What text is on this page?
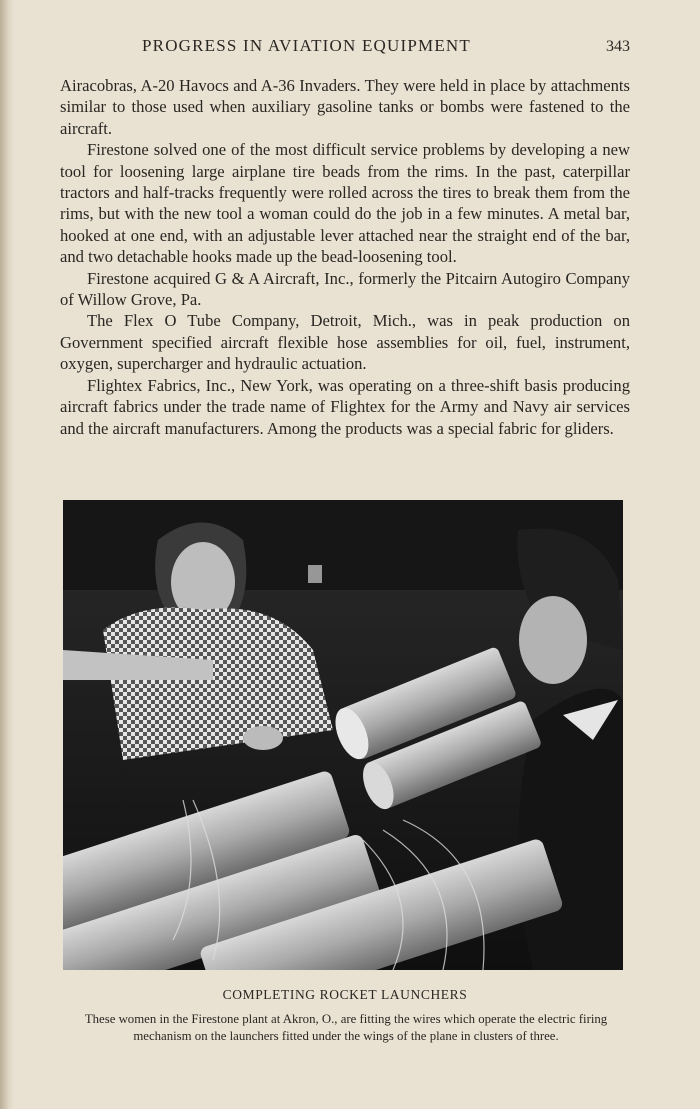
PROGRESS IN AVIATION EQUIPMENT	343

Airacobras, A-20 Havocs and A-36 Invaders. They were held in place by attachments similar to those used when auxiliary gasoline tanks or bombs were fastened to the aircraft.

Firestone solved one of the most difficult service problems by developing a new tool for loosening large airplane tire beads from the rims. In the past, caterpillar tractors and half-tracks frequently were rolled across the tires to break them from the rims, but with the new tool a woman could do the job in a few minutes. A metal bar, hooked at one end, with an adjustable lever attached near the straight end of the bar, and two detachable hooks made up the bead-loosening tool.

Firestone acquired G & A Aircraft, Inc., formerly the Pitcairn Autogiro Company of Willow Grove, Pa.

The Flex O Tube Company, Detroit, Mich., was in peak production on Government specified aircraft flexible hose assemblies for oil, fuel, instrument, oxygen, supercharger and hydraulic actuation.

Flightex Fabrics, Inc., New York, was operating on a three-shift basis producing aircraft fabrics under the trade name of Flightex for the Army and Navy air services and the aircraft manufacturers. Among the products was a special fabric for gliders.

COMPLETING ROCKET LAUNCHERS
These women in the Firestone plant at Akron, O., are fitting the wires which operate the electric firing mechanism on the launchers fitted under the wings of the plane in clusters of three.
